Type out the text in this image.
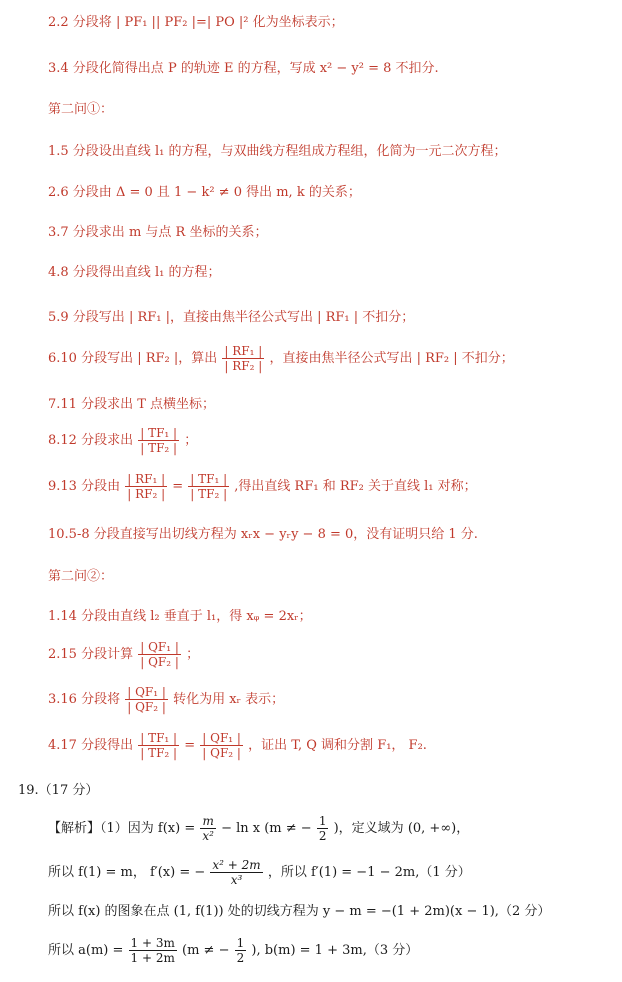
2.2 分段将 | PF₁ || PF₂ |=| PO |² 化为坐标表示；
3.4 分段化简得出点 P 的轨迹 E 的方程，写成 x² − y² = 8 不扣分.
第二问①：
1.5 分段设出直线 l₁ 的方程，与双曲线方程组成方程组，化简为一元二次方程；
2.6 分段由 Δ = 0 且 1 − k² ≠ 0 得出 m, k 的关系；
3.7 分段求出 m 与点 R 坐标的关系；
4.8 分段得出直线 l₁ 的方程；
5.9 分段写出 | RF₁ |，直接由焦半径公式写出 | RF₁ | 不扣分；
6.10 分段写出 | RF₂ |，算出 $\frac{\text{| RF₁ |}}{\text{| RF₂ |}}$ ，直接由焦半径公式写出 | RF₂ | 不扣分；
7.11 分段求出 T 点横坐标；
8.12 分段求出 $\frac{\text{| TF₁ |}}{\text{| TF₂ |}}$ ；
9.13 分段由 $\frac{\text{| RF₁ |}}{\text{| RF₂ |}} = \frac{\text{| TF₁ |}}{\text{| TF₂ |}}$ ,得出直线 RF₁ 和 RF₂ 关于直线 l₁ 对称；
10.5-8 分段直接写出切线方程为 xᵣx − yᵣy − 8 = 0，没有证明只给 1 分.
第二问②：
1.14 分段由直线 l₂ 垂直于 l₁，得 xᵩ = 2xᵣ；
2.15 分段计算 $\frac{\text{| QF₁ |}}{\text{| QF₂ |}}$ ；
3.16 分段将 $\frac{\text{| QF₁ |}}{\text{| QF₂ |}}$ 转化为用 xᵣ 表示；
4.17 分段得出 $\frac{\text{| TF₁ |}}{\text{| TF₂ |}} = \frac{\text{| QF₁ |}}{\text{| QF₂ |}}$ ，证出 T, Q 调和分割 F₁， F₂.
19.（17 分）
【解析】（1）因为 $f(x) = \frac{m}{\text{x²}} - \ln x$ (m ≠ − $\frac{1}{2}$ )，定义域为 (0, +∞)，
所以 f(1) = m， f′(x) = − $\frac{\text{x² + 2m}}{\text{x³}}$ ，所以 f′(1) = −1 − 2m,（1 分）
所以 f(x) 的图象在点 (1, f(1)) 处的切线方程为 y − m = −(1 + 2m)(x − 1),（2 分）
所以 $a(m) = \frac{1 + 3m}{1 + 2m} (m$ ≠ − $\frac{1}{2}$ ), b(m) = 1 + 3m,（3 分）
